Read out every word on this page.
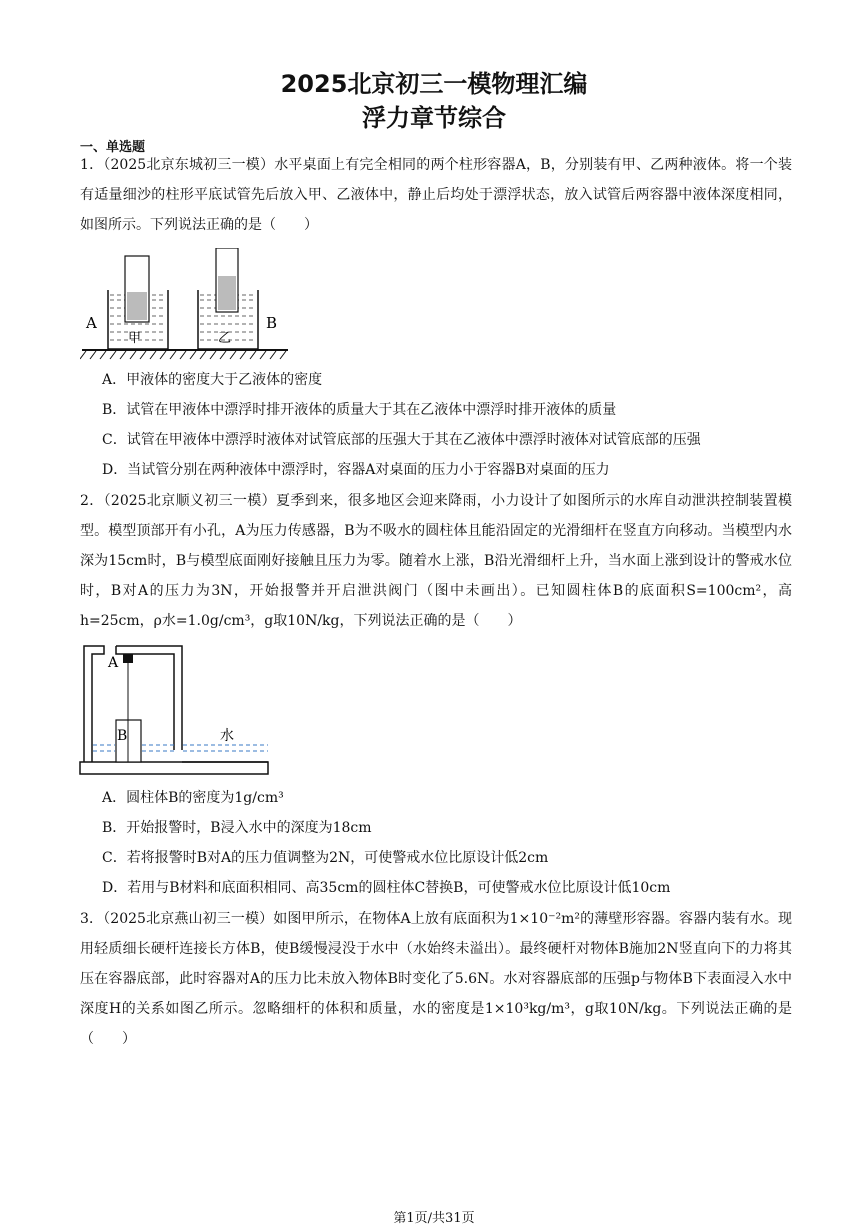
2025北京初三一模物理汇编
浮力章节综合
一、单选题
1．（2025北京东城初三一模）水平桌面上有完全相同的两个柱形容器A，B，分别装有甲、乙两种液体。将一个装有适量细沙的柱形平底试管先后放入甲、乙液体中，静止后均处于漂浮状态，放入试管后两容器中液体深度相同，如图所示。下列说法正确的是（　　）
甲
A
乙
B
A．甲液体的密度大于乙液体的密度
B．试管在甲液体中漂浮时排开液体的质量大于其在乙液体中漂浮时排开液体的质量
C．试管在甲液体中漂浮时液体对试管底部的压强大于其在乙液体中漂浮时液体对试管底部的压强
D．当试管分别在两种液体中漂浮时，容器A对桌面的压力小于容器B对桌面的压力
2．（2025北京顺义初三一模）夏季到来，很多地区会迎来降雨，小力设计了如图所示的水库自动泄洪控制装置模型。模型顶部开有小孔，A为压力传感器，B为不吸水的圆柱体且能沿固定的光滑细杆在竖直方向移动。当模型内水深为15cm时，B与模型底面刚好接触且压力为零。随着水上涨，B沿光滑细杆上升，当水面上涨到设计的警戒水位时，B对A的压力为3N，开始报警并开启泄洪阀门（图中未画出）。已知圆柱体B的底面积S=100cm²，高h=25cm，ρ水=1.0g/cm³，g取10N/kg，下列说法正确的是（　　）
A
B	水
A．圆柱体B的密度为1g/cm³
B．开始报警时，B浸入水中的深度为18cm
C．若将报警时B对A的压力值调整为2N，可使警戒水位比原设计低2cm
D．若用与B材料和底面积相同、高35cm的圆柱体C替换B，可使警戒水位比原设计低10cm
3．（2025北京燕山初三一模）如图甲所示，在物体A上放有底面积为1×10⁻²m²的薄壁形容器。容器内装有水。现用轻质细长硬杆连接长方体B，使B缓慢浸没于水中（水始终未溢出）。最终硬杆对物体B施加2N竖直向下的力将其压在容器底部，此时容器对A的压力比未放入物体B时变化了5.6N。水对容器底部的压强p与物体B下表面浸入水中深度H的关系如图乙所示。忽略细杆的体积和质量，水的密度是1×10³kg/m³，g取10N/kg。下列说法正确的是（　　）
第1页/共31页
